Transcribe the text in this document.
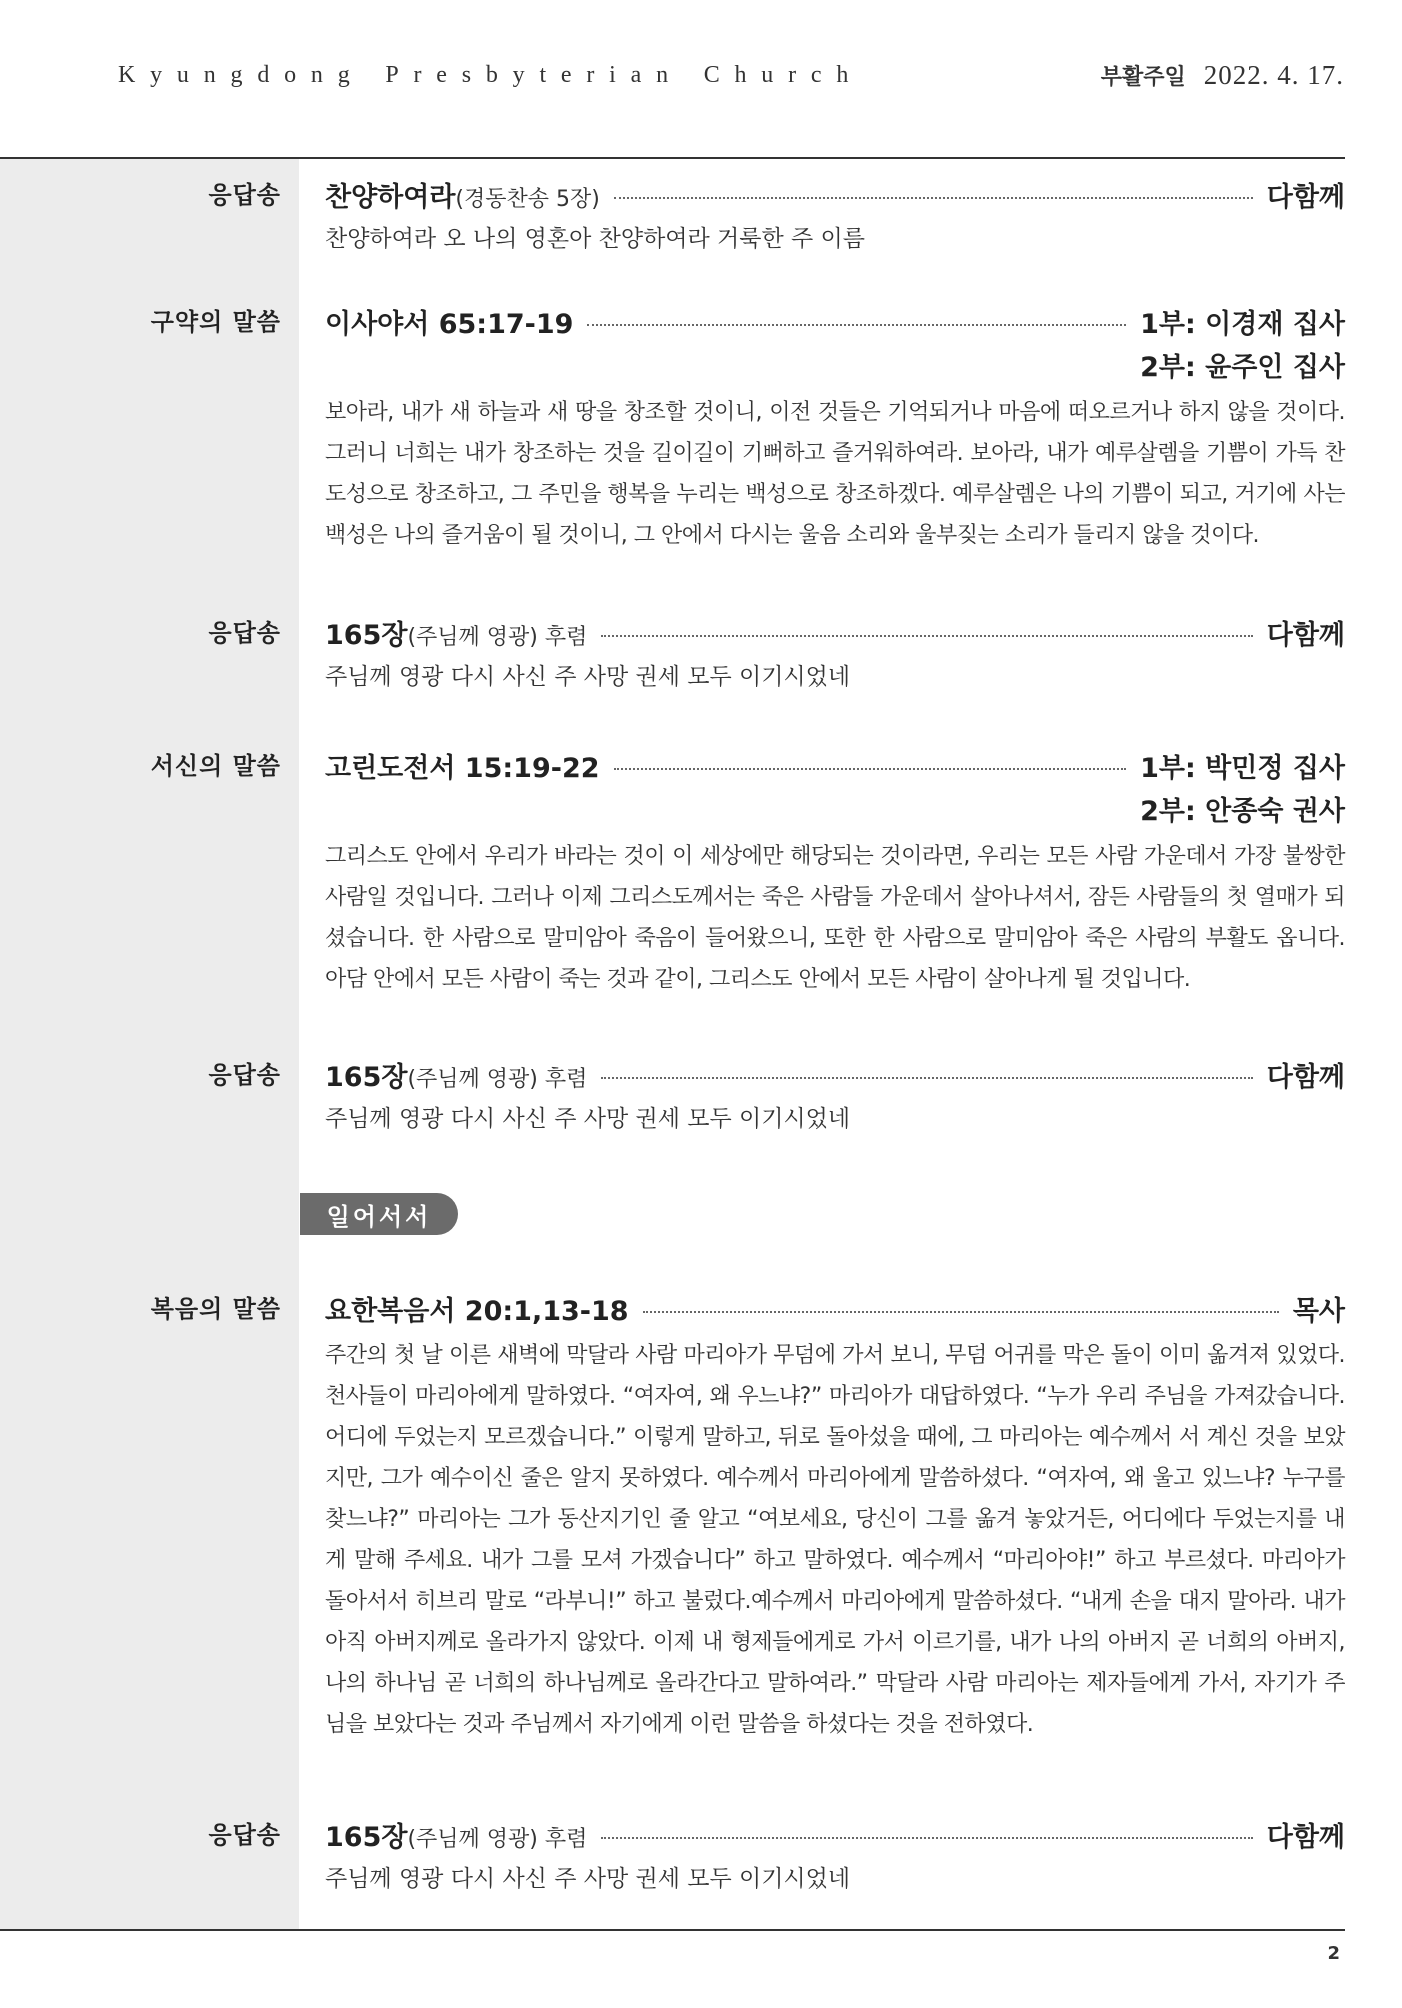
Kyungdong Presbyterian Church	부활주일 2022. 4. 17.
응답송 찬양하여라 (경동찬송 5장)	다함께
찬양하여라 오 나의 영혼아 찬양하여라 거룩한 주 이름
구약의 말씀 이사야서 65:17-19	1부: 이경재 집사
2부: 윤주인 집사
보아라, 내가 새 하늘과 새 땅을 창조할 것이니, 이전 것들은 기억되거나 마음에 떠오르거나 하지 않을 것이다. 그러니 너희는 내가 창조하는 것을 길이길이 기뻐하고 즐거워하여라. 보아라, 내가 예루살렘을 기쁨이 가득 찬 도성으로 창조하고, 그 주민을 행복을 누리는 백성으로 창조하겠다. 예루살렘은 나의 기쁨이 되고, 거기에 사는 백성은 나의 즐거움이 될 것이니, 그 안에서 다시는 울음 소리와 울부짖는 소리가 들리지 않을 것이다.
응답송 165장 (주님께 영광) 후렴	다함께
주님께 영광 다시 사신 주 사망 권세 모두 이기시었네
서신의 말씀 고린도전서 15:19-22	1부: 박민정 집사
2부: 안종숙 권사
그리스도 안에서 우리가 바라는 것이 이 세상에만 해당되는 것이라면, 우리는 모든 사람 가운데서 가장 불쌍한 사람일 것입니다. 그러나 이제 그리스도께서는 죽은 사람들 가운데서 살아나셔서, 잠든 사람들의 첫 열매가 되셨습니다. 한 사람으로 말미암아 죽음이 들어왔으니, 또한 한 사람으로 말미암아 죽은 사람의 부활도 옵니다. 아담 안에서 모든 사람이 죽는 것과 같이, 그리스도 안에서 모든 사람이 살아나게 될 것입니다.
응답송 165장 (주님께 영광) 후렴	다함께
주님께 영광 다시 사신 주 사망 권세 모두 이기시었네
일어서서
복음의 말씀 요한복음서 20:1,13-18	목사
주간의 첫 날 이른 새벽에 막달라 사람 마리아가 무덤에 가서 보니, 무덤 어귀를 막은 돌이 이미 옮겨져 있었다. 천사들이 마리아에게 말하였다. “여자여, 왜 우느냐?” 마리아가 대답하였다. “누가 우리 주님을 가져갔습니다. 어디에 두었는지 모르겠습니다.” 이렇게 말하고, 뒤로 돌아섰을 때에, 그 마리아는 예수께서 서 계신 것을 보았지만, 그가 예수이신 줄은 알지 못하였다. 예수께서 마리아에게 말씀하셨다. “여자여, 왜 울고 있느냐? 누구를 찾느냐?” 마리아는 그가 동산지기인 줄 알고 “여보세요, 당신이 그를 옮겨 놓았거든, 어디에다 두었는지를 내게 말해 주세요. 내가 그를 모셔 가겠습니다” 하고 말하였다. 예수께서 “마리아야!” 하고 부르셨다. 마리아가 돌아서서 히브리 말로 “라부니!” 하고 불렀다.예수께서 마리아에게 말씀하셨다. “내게 손을 대지 말아라. 내가 아직 아버지께로 올라가지 않았다. 이제 내 형제들에게로 가서 이르기를, 내가 나의 아버지 곧 너희의 아버지, 나의 하나님 곧 너희의 하나님께로 올라간다고 말하여라.” 막달라 사람 마리아는 제자들에게 가서, 자기가 주님을 보았다는 것과 주님께서 자기에게 이런 말씀을 하셨다는 것을 전하였다.
응답송 165장 (주님께 영광) 후렴	다함께
주님께 영광 다시 사신 주 사망 권세 모두 이기시었네
2
